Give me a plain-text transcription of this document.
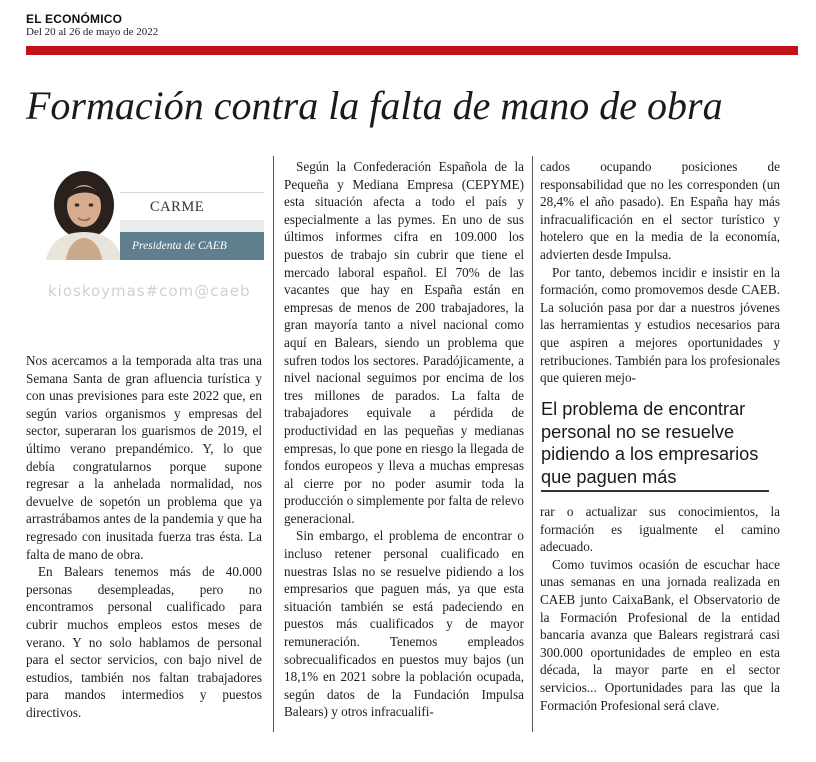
EL ECONÓMICO
Del 20 al 26 de mayo de 2022
Formación contra la falta de mano de obra
CARME
Presidenta de CAEB
kioskoymas#com@caeb

Nos acercamos a la temporada alta tras una Semana Santa de gran afluencia turística y con unas previsiones para este 2022 que, en según varios organismos y empresas del sector, superaran los guarismos de 2019, el último verano prepandémico. Y, lo que debía congratularnos porque supone regresar a la anhelada normalidad, nos devuelve de sopetón un problema que ya arrastrábamos antes de la pandemia y que ha regresado con inusitada fuerza tras ésta. La falta de mano de obra.

En Balears tenemos más de 40.000 personas desempleadas, pero no encontramos personal cualificado para cubrir muchos empleos estos meses de verano. Y no solo hablamos de personal para el sector servicios, con bajo nivel de estudios, también nos faltan trabajadores para mandos intermedios y puestos directivos.

Según la Confederación Española de la Pequeña y Mediana Empresa (CEPYME) esta situación afecta a todo el país y especialmente a las pymes. En uno de sus últimos informes cifra en 109.000 los puestos de trabajo sin cubrir que tiene el mercado laboral español. El 70% de las vacantes que hay en España están en empresas de menos de 200 trabajadores, la gran mayoría tanto a nivel nacional como aquí en Balears, siendo un problema que sufren todos los sectores. Paradójicamente, a nivel nacional seguimos por encima de los tres millones de parados. La falta de trabajadores equivale a pérdida de productividad en las pequeñas y medianas empresas, lo que pone en riesgo la llegada de fondos europeos y lleva a muchas empresas al cierre por no poder asumir toda la producción o simplemente por falta de relevo generacional.

Sin embargo, el problema de encontrar o incluso retener personal cualificado en nuestras Islas no se resuelve pidiendo a los empresarios que paguen más, ya que esta situación también se está padeciendo en puestos más cualificados y de mayor remuneración. Tenemos empleados sobrecualificados en puestos muy bajos (un 18,1% en 2021 sobre la población ocupada, según datos de la Fundación Impulsa Balears) y otros infracualifi-

cados ocupando posiciones de responsabilidad que no les corresponden (un 28,4% el año pasado). En España hay más infracualificación en el sector turístico y hotelero que en la media de la economía, advierten desde Impulsa.

Por tanto, debemos incidir e insistir en la formación, como promovemos desde CAEB. La solución pasa por dar a nuestros jóvenes las herramientas y estudios necesarios para que aspiren a mejores oportunidades y retribuciones. También para los profesionales que quieren mejo-

El problema de encontrar personal no se resuelve pidiendo a los empresarios que paguen más

rar o actualizar sus conocimientos, la formación es igualmente el camino adecuado.

Como tuvimos ocasión de escuchar hace unas semanas en una jornada realizada en CAEB junto CaixaBank, el Observatorio de la Formación Profesional de la entidad bancaria avanza que Balears registrará casi 300.000 oportunidades de empleo en esta década, la mayor parte en el sector servicios... Oportunidades para las que la Formación Profesional será clave.
